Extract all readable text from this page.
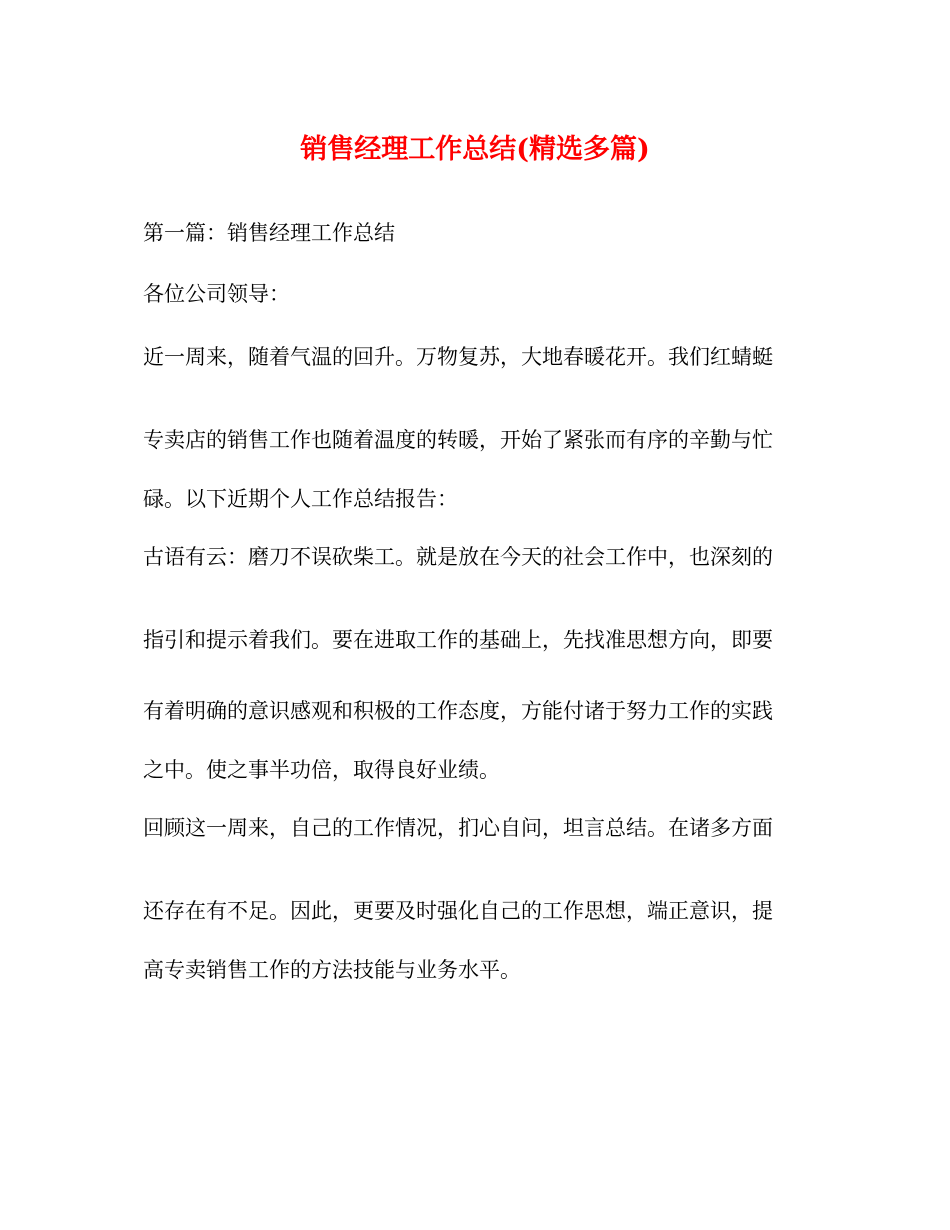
销售经理工作总结(精选多篇)

第一篇：销售经理工作总结

各位公司领导：

近一周来，随着气温的回升。万物复苏，大地春暖花开。我们红蜻蜓

专卖店的销售工作也随着温度的转暖，开始了紧张而有序的辛勤与忙

碌。以下近期个人工作总结报告：

古语有云：磨刀不误砍柴工。就是放在今天的社会工作中，也深刻的

指引和提示着我们。要在进取工作的基础上，先找准思想方向，即要

有着明确的意识感观和积极的工作态度，方能付诸于努力工作的实践

之中。使之事半功倍，取得良好业绩。

回顾这一周来，自己的工作情况，扪心自问，坦言总结。在诸多方面

还存在有不足。因此，更要及时强化自己的工作思想，端正意识，提

高专卖销售工作的方法技能与业务水平。
